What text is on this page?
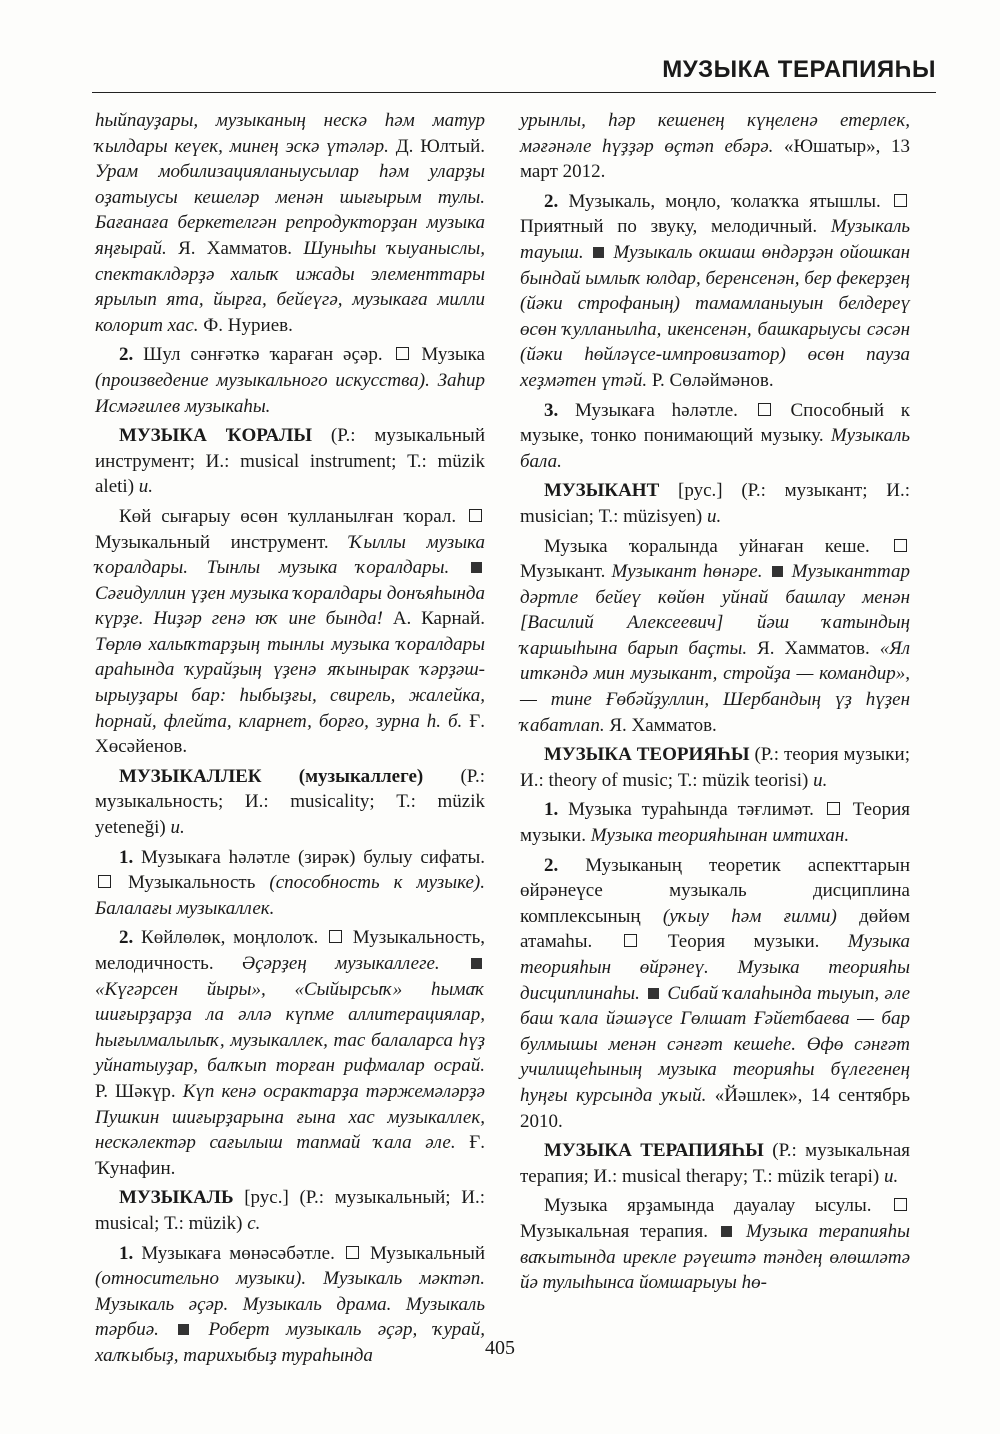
МУЗЫКА ТЕРАПИЯҺЫ

һыйпауҙары, музыканың нескә һәм матур ҡылдары кеүек, минең эскә үтәләр. Д. Юлтый. Урам мобилизацияланыусылар һәм уларҙы оҙатыусы кешеләр менән шығырым тулы. Бағанаға беркетелгән репродукторҙан музыка яңғырай. Я. Хамматов. Шуныһы ҡыуаныслы, спектаклдәрҙә халыҡ ижады элементтары ярылып ята, йырға, бейеүгә, музыкаға милли колорит хас. Ф. Нуриев.

2. Шул сәнғәткә ҡараған әҫәр.  Музыка (произведение музыкального искусства). Заһир Исмәғилев музыкаһы.

МУЗЫКА ҠОРАЛЫ (Р.: музыкальный инструмент; И.: musical instrument; Т.: müzik aleti) и.

Көй сығарыу өсөн ҡулланылған ҡорал.  Музыкальный инструмент. Ҡыллы музыка ҡоралдары. Тынлы музыка ҡоралдары.  Сәғидуллин үҙен музыка ҡоралдары донъяһында күрҙе. Ниҙәр генә юҡ ине бында! А. Карнай. Төрлө халыҡтарҙың тынлы музыка ҡоралдары араһында ҡурайҙың үҙенә яҡынырак ҡәрҙәш-ырыуҙары бар: һыбыҙғы, свирель, жалейка, һорнай, флейта, кларнет, борғо, зурна һ. б. Ғ. Хөсәйенов.

МУЗЫКАЛЛЕК (музыкаллеге) (Р.: музыкальность; И.: musicality; Т.: müzik yeteneği) и.

1. Музыкаға һәләтле (зирәк) булыу сифаты.  Музыкальность (способность к музыке). Балалағы музыкаллек.

2. Көйлөлөк, моңлолоҡ.  Музыкальность, мелодичность. Әҫәрҙең музыкаллеге.  «Күгәрсен йыры», «Сыйырсыҡ» һымаҡ шиғырҙарҙа ла әллә күпме аллитерациялар, һығылмалылыҡ, музыкаллек, тас балаларса һүҙ уйнатыуҙар, балҡып торған рифмалар осрай. Р. Шәкүр. Күп кенә осрактарҙа тәржемәләрҙә Пушкин шиғырҙарына ғына хас музыкаллек, нескәлектәр сағылыш тапмай ҡала әле. Ғ. Ҡунафин.

МУЗЫКАЛЬ [рус.] (Р.: музыкальный; И.: musical; Т.: müzik) с.

1. Музыкаға мөнәсәбәтле.  Музыкальный (относительно музыки). Музыкаль мәктәп. Музыкаль әҫәр. Музыкаль драма. Музыкаль тәрбиә.  Роберт музыкаль әҫәр, ҡурай, халҡыбыҙ, тарихыбыҙ тураһында

урынлы, һәр кешенең күңеленә етерлек, мәғәнәле һүҙҙәр өҫтәп ебәрә. «Юшатыр», 13 март 2012.

2. Музыкаль, моңло, ҡолаҡҡа ятышлы.  Приятный по звуку, мелодичный. Музыкаль тауыш.  Музыкаль окшаш өндәрҙән ойошкан бындай ымлыҡ юлдар, беренсенән, бер фекерҙең (йәки строфаның) тамамланыуын белдереү өсөн ҡулланылһа, икенсенән, башкарыусы сәсән (йәки һөйләүсе-импровизатор) өсөн пауза хеҙмәтен үтәй. Р. Сөләймәнов.

3. Музыкаға һәләтле.  Способный к музыке, тонко понимающий музыку. Музыкаль бала.

МУЗЫКАНТ [рус.] (Р.: музыкант; И.: musician; Т.: müzisyen) и.

Музыка ҡоралында уйнаған кеше.  Музыкант. Музыкант һөнәре.  Музыканттар дәртле бейеү көйөн уйнай башлау менән [Василий Алексеевич] йәш ҡатындың ҡаршыһына барып баҫты. Я. Хамматов. «Ял иткәндә мин музыкант, стройҙа — командир», — тине Ғөбәйҙуллин, Шербандың үҙ һүҙен ҡабатлап. Я. Хамматов.

МУЗЫКА ТЕОРИЯҺЫ (Р.: теория музыки; И.: theory of music; Т.: müzik teorisi) и.

1. Музыка тураһында тәғлимәт.  Теория музыки. Музыка теорияһынан имтихан.

2. Музыканың теоретик аспекттарын өйрәнеүсе музыкаль дисциплина комплексының (уҡыу һәм ғилми) дөйөм атамаһы.  Теория музыки. Музыка теорияһын өйрәнеү. Музыка теорияһы дисциплинаһы.  Сибай ҡалаһында тыуып, әле баш ҡала йәшәүсе Гөлшат Ғәйетбаева — бар булмышы менән сәнғәт кешеһе. Өфө сәнғәт училищеһының музыка теорияһы бүлегенең һуңғы курсында уҡый. «Йәшлек», 14 сентябрь 2010.

МУЗЫКА ТЕРАПИЯҺЫ (Р.: музыкальная терапия; И.: musical therapy; Т.: müzik terapi) и.

Музыка ярҙамында дауалау ысулы.  Музыкальная терапия.  Музыка терапияһы ваҡытында ирекле рәүештә тәндең өлөшләтә йә тулыһынса йомшарыуы һө-

405
